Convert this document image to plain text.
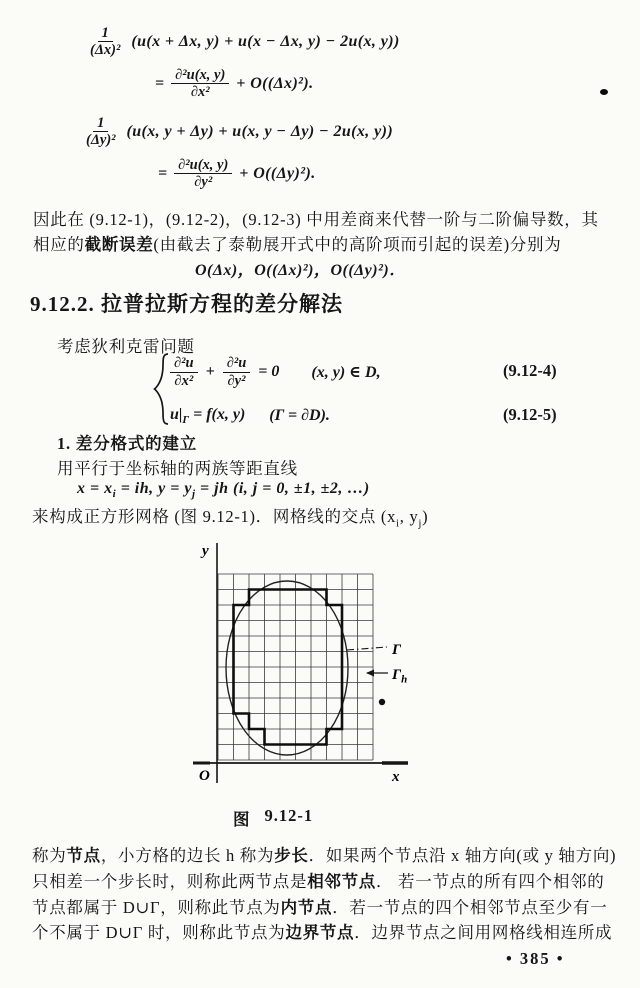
$\frac{1}{\text{(Δx)²}} (u(x + \Delta x$, y) + u(x − Δx, y) − 2u(x, y))
= $\frac{\text{∂²u(x, y)}}{\text{∂x²}} + O((\Delta x)^2)$.
$\frac{1}{\text{(Δy)²}} (u(x$, y + Δy) + u(x, y − Δy) − 2u(x, y))
= $\frac{\text{∂²u(x, y)}}{\text{∂y²}} + O((\Delta y)^2)$.
因此在 (9.12-1)，(9.12-2)，(9.12-3) 中用差商来代替一阶与二阶偏导数，其
相应的截断误差(由截去了泰勒展开式中的高阶项而引起的误差)分别为
O(Δx)，O((Δx)²)，O((Δy)²)．
9.12.2. 拉普拉斯方程的差分解法
考虑狄利克雷问题
$\frac{\text{∂²u}}{\text{∂x²}} + \frac{\text{∂²u}}{\text{∂y²}} = 0$ (x, y) ∈ D,
$u|_\Gamma = f(x$, y) (Γ = ∂D).
(9.12-4)
(9.12-5)
1. 差分格式的建立
用平行于坐标轴的两族等距直线
$x = x_i$ = ih, $y = y_j$ = jh (i, j = 0, ±1, ±2, …)
来构成正方形网格 (图 9.12-1)．网格线的交点 ($x_i$, $y_j$)
y
x
O
Γ
$\Gamma_h$
图 9.12-1
称为节点，小方格的边长 h 称为步长．如果两个节点沿 x 轴方向(或 y 轴方向)
只相差一个步长时，则称此两节点是相邻节点． 若一节点的所有四个相邻的
节点都属于 D∪Γ，则称此节点为内节点．若一节点的四个相邻节点至少有一
个不属于 D∪Γ 时，则称此节点为边界节点．边界节点之间用网格线相连所成
• 385 •
